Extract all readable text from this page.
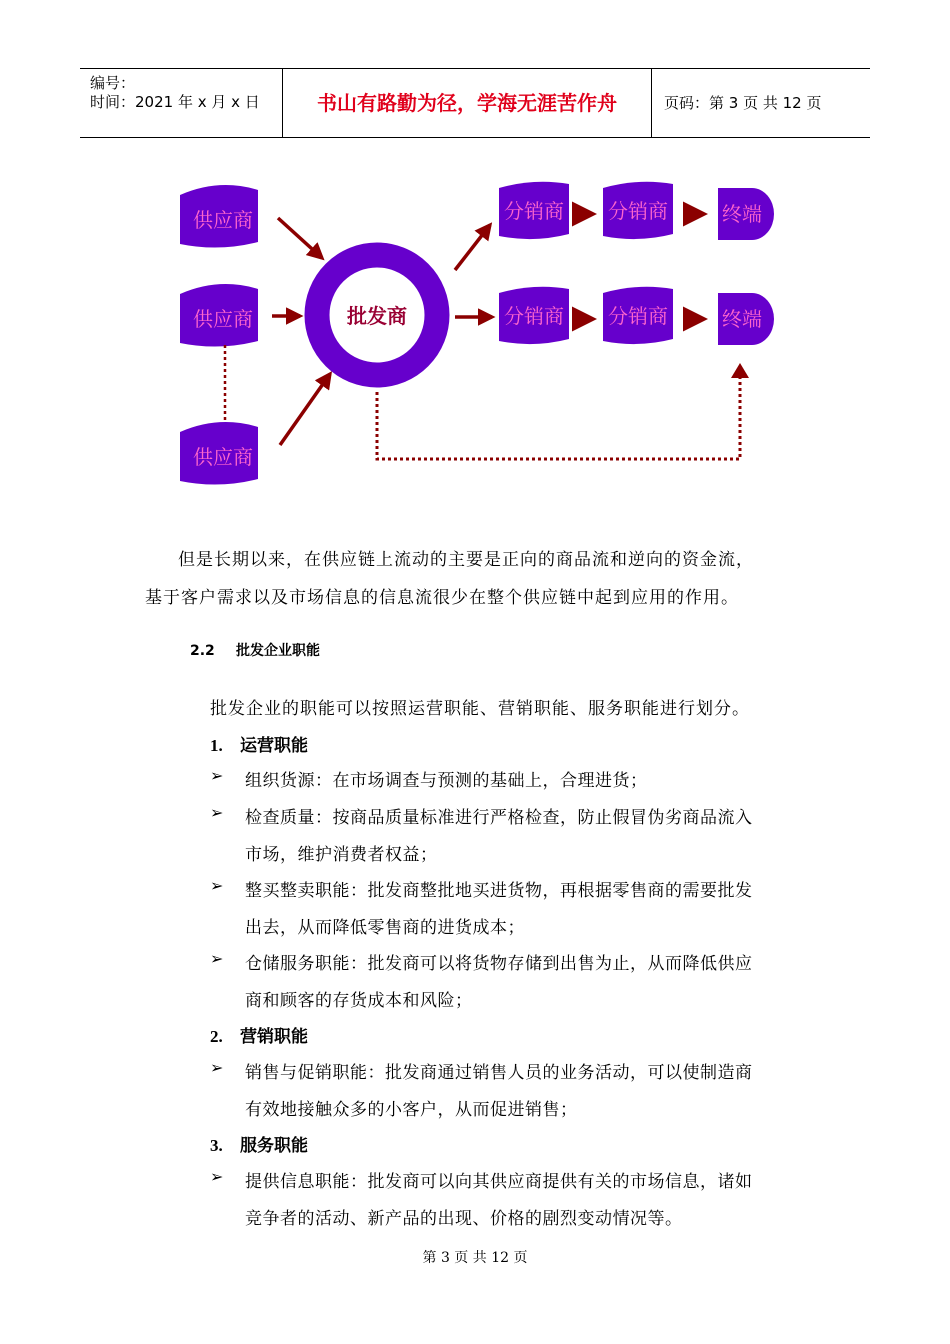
编号：
时间：2021 年 x 月 x 日	书山有路勤为径，学海无涯苦作舟	页码：第 3 页 共 12 页
供应商
供应商
供应商
批发商
分销商 分销商	终端
分销商 分销商	终端
但是长期以来，在供应链上流动的主要是正向的商品流和逆向的资金流，
基于客户需求以及市场信息的信息流很少在整个供应链中起到应用的作用。
2.2 批发企业职能
批发企业的职能可以按照运营职能、营销职能、服务职能进行划分。
1. 运营职能
➢ 组织货源：在市场调查与预测的基础上，合理进货；
➢ 检查质量：按商品质量标准进行严格检查，防止假冒伪劣商品流入
市场，维护消费者权益；
➢ 整买整卖职能：批发商整批地买进货物，再根据零售商的需要批发
出去，从而降低零售商的进货成本；
➢ 仓储服务职能：批发商可以将货物存储到出售为止，从而降低供应
商和顾客的存货成本和风险；
2. 营销职能
➢ 销售与促销职能：批发商通过销售人员的业务活动，可以使制造商
有效地接触众多的小客户，从而促进销售；
3. 服务职能
➢ 提供信息职能：批发商可以向其供应商提供有关的市场信息，诸如
竞争者的活动、新产品的出现、价格的剧烈变动情况等。
第 3 页 共 12 页
